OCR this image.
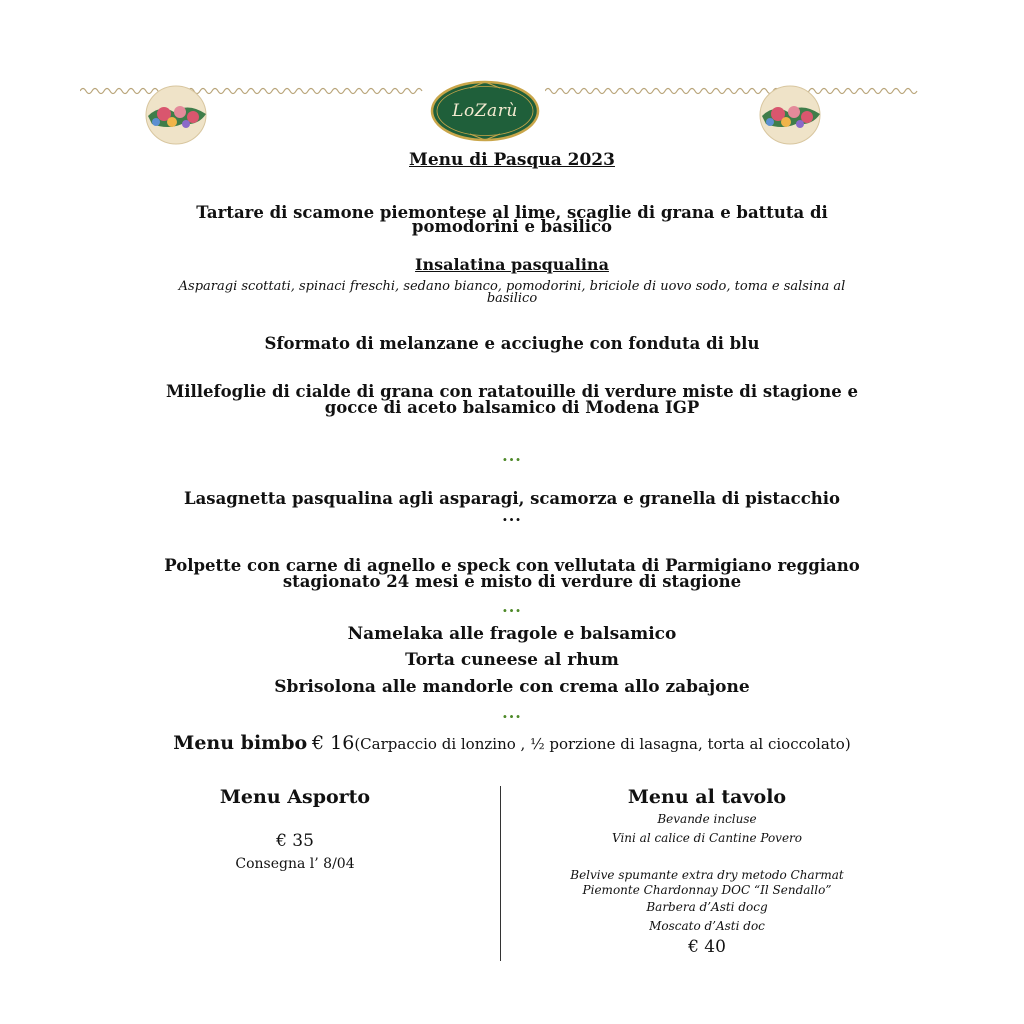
LoZarù
Menu di Pasqua 2023
Tartare di scamone piemontese al lime, scaglie di grana e battuta di
pomodorini e basilico
Insalatina pasqualina
Asparagi scottati, spinaci freschi, sedano bianco, pomodorini, briciole di uovo sodo, toma e salsina al
basilico
Sformato di melanzane e acciughe con fonduta di blu
Millefoglie di cialde di grana con ratatouille di verdure miste di stagione e
gocce di aceto balsamico di Modena IGP
...
Lasagnetta pasqualina agli asparagi, scamorza e granella di pistacchio
...
Polpette con carne di agnello e speck con vellutata di Parmigiano reggiano
stagionato 24 mesi e misto di verdure di stagione
...
Namelaka alle fragole e balsamico
Torta cuneese al rhum
Sbrisolona alle mandorle con crema allo zabajone
...
Menu bimbo € 16(Carpaccio di lonzino , ½ porzione di lasagna, torta al cioccolato)
Menu Asporto
€ 35
Consegna l’ 8/04
Menu al tavolo
Bevande incluse
Vini al calice di Cantine Povero
Belvive spumante extra dry metodo Charmat
Piemonte Chardonnay DOC “Il Sendallo”
Barbera d’Asti docg
Moscato d’Asti doc
€ 40
